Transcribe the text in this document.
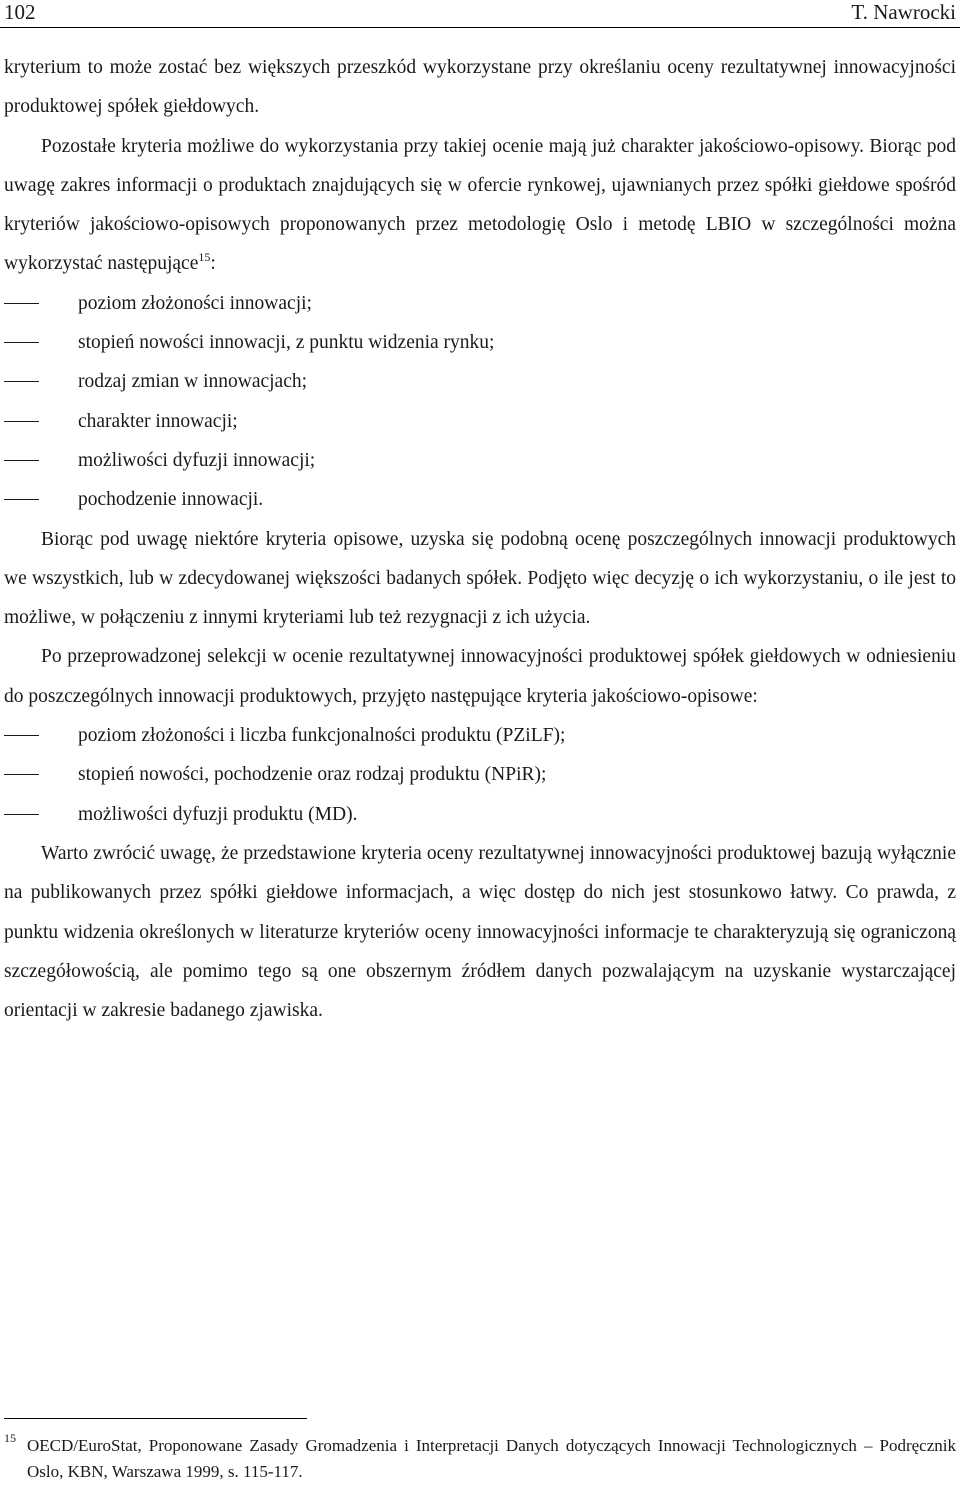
102	T. Nawrocki

kryterium to może zostać bez większych przeszkód wykorzystane przy określaniu oceny rezultatywnej innowacyjności produktowej spółek giełdowych.

Pozostałe kryteria możliwe do wykorzystania przy takiej ocenie mają już charakter jakościowo-opisowy. Biorąc pod uwagę zakres informacji o produktach znajdujących się w ofercie rynkowej, ujawnianych przez spółki giełdowe spośród kryteriów jakościowo-opisowych proponowanych przez metodologię Oslo i metodę LBIO w szczególności można wykorzystać następujące$^{15}$:

poziom złożoności innowacji;
stopień nowości innowacji, z punktu widzenia rynku;
rodzaj zmian w innowacjach;
charakter innowacji;
możliwości dyfuzji innowacji;
pochodzenie innowacji.

Biorąc pod uwagę niektóre kryteria opisowe, uzyska się podobną ocenę poszczególnych innowacji produktowych we wszystkich, lub w zdecydowanej większości badanych spółek. Podjęto więc decyzję o ich wykorzystaniu, o ile jest to możliwe, w połączeniu z innymi kryteriami lub też rezygnacji z ich użycia.

Po przeprowadzonej selekcji w ocenie rezultatywnej innowacyjności produktowej spółek giełdowych w odniesieniu do poszczególnych innowacji produktowych, przyjęto następujące kryteria jakościowo-opisowe:

poziom złożoności i liczba funkcjonalności produktu (PZiLF);
stopień nowości, pochodzenie oraz rodzaj produktu (NPiR);
możliwości dyfuzji produktu (MD).

Warto zwrócić uwagę, że przedstawione kryteria oceny rezultatywnej innowacyjności produktowej bazują wyłącznie na publikowanych przez spółki giełdowe informacjach, a więc dostęp do nich jest stosunkowo łatwy. Co prawda, z punktu widzenia określonych w literaturze kryteriów oceny innowacyjności informacje te charakteryzują się ograniczoną szczegółowością, ale pomimo tego są one obszernym źródłem danych pozwalającym na uzyskanie wystarczającej orientacji w zakresie badanego zjawiska.

15 OECD/EuroStat, Proponowane Zasady Gromadzenia i Interpretacji Danych dotyczących Innowacji Technologicznych – Podręcznik Oslo, KBN, Warszawa 1999, s. 115-117.
